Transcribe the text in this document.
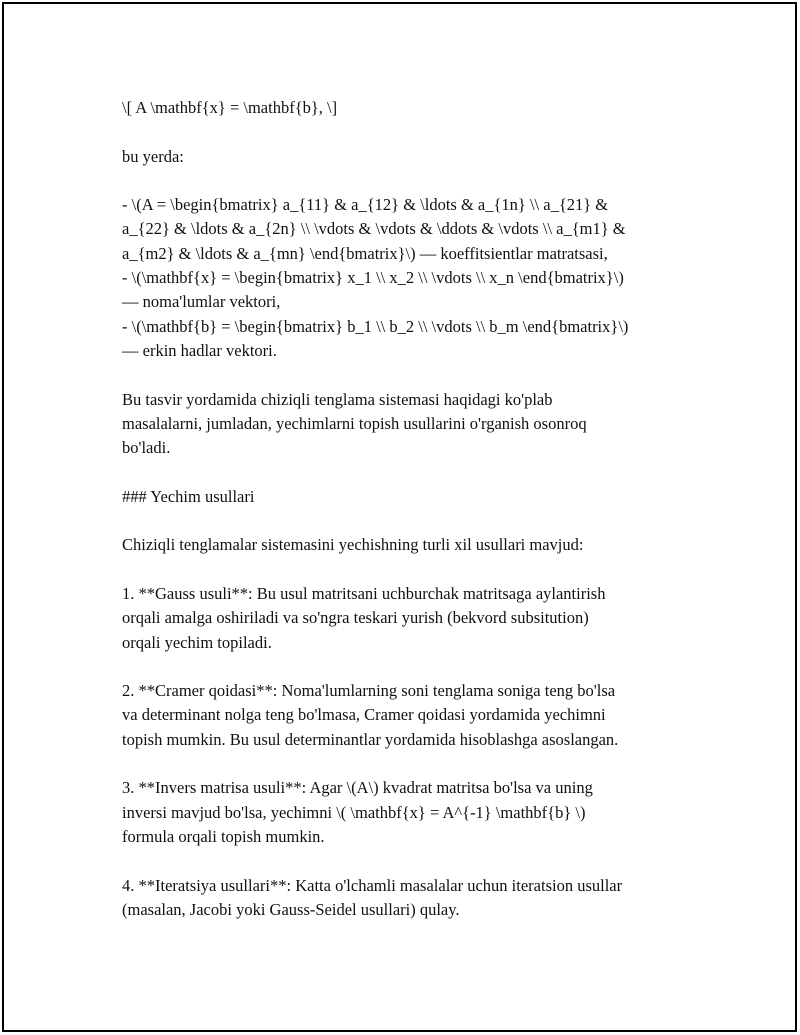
\[ A \mathbf{x} = \mathbf{b}, \]

bu yerda:

- \(A = \begin{bmatrix} a_{11} & a_{12} & \ldots & a_{1n} \\ a_{21} &

a_{22} & \ldots & a_{2n} \\ \vdots & \vdots & \ddots & \vdots \\ a_{m1} &

a_{m2} & \ldots & a_{mn} \end{bmatrix}\) — koeffitsientlar matratsasi,

- \(\mathbf{x} = \begin{bmatrix} x_1 \\ x_2 \\ \vdots \\ x_n \end{bmatrix}\)

— noma'lumlar vektori,

- \(\mathbf{b} = \begin{bmatrix} b_1 \\ b_2 \\ \vdots \\ b_m \end{bmatrix}\)

— erkin hadlar vektori.

Bu tasvir yordamida chiziqli tenglama sistemasi haqidagi ko'plab

masalalarni, jumladan, yechimlarni topish usullarini o'rganish osonroq

bo'ladi.

### Yechim usullari

Chiziqli tenglamalar sistemasini yechishning turli xil usullari mavjud:

1. **Gauss usuli**: Bu usul matritsani uchburchak matritsaga aylantirish

orqali amalga oshiriladi va so'ngra teskari yurish (bekvord subsitution)

orqali yechim topiladi.

2. **Cramer qoidasi**: Noma'lumlarning soni tenglama soniga teng bo'lsa

va determinant nolga teng bo'lmasa, Cramer qoidasi yordamida yechimni

topish mumkin. Bu usul determinantlar yordamida hisoblashga asoslangan.

3. **Invers matrisa usuli**: Agar \(A\) kvadrat matritsa bo'lsa va uning

inversi mavjud bo'lsa, yechimni \( \mathbf{x} = A^{-1} \mathbf{b} \)

formula orqali topish mumkin.

4. **Iteratsiya usullari**: Katta o'lchamli masalalar uchun iteratsion usullar

(masalan, Jacobi yoki Gauss-Seidel usullari) qulay.
